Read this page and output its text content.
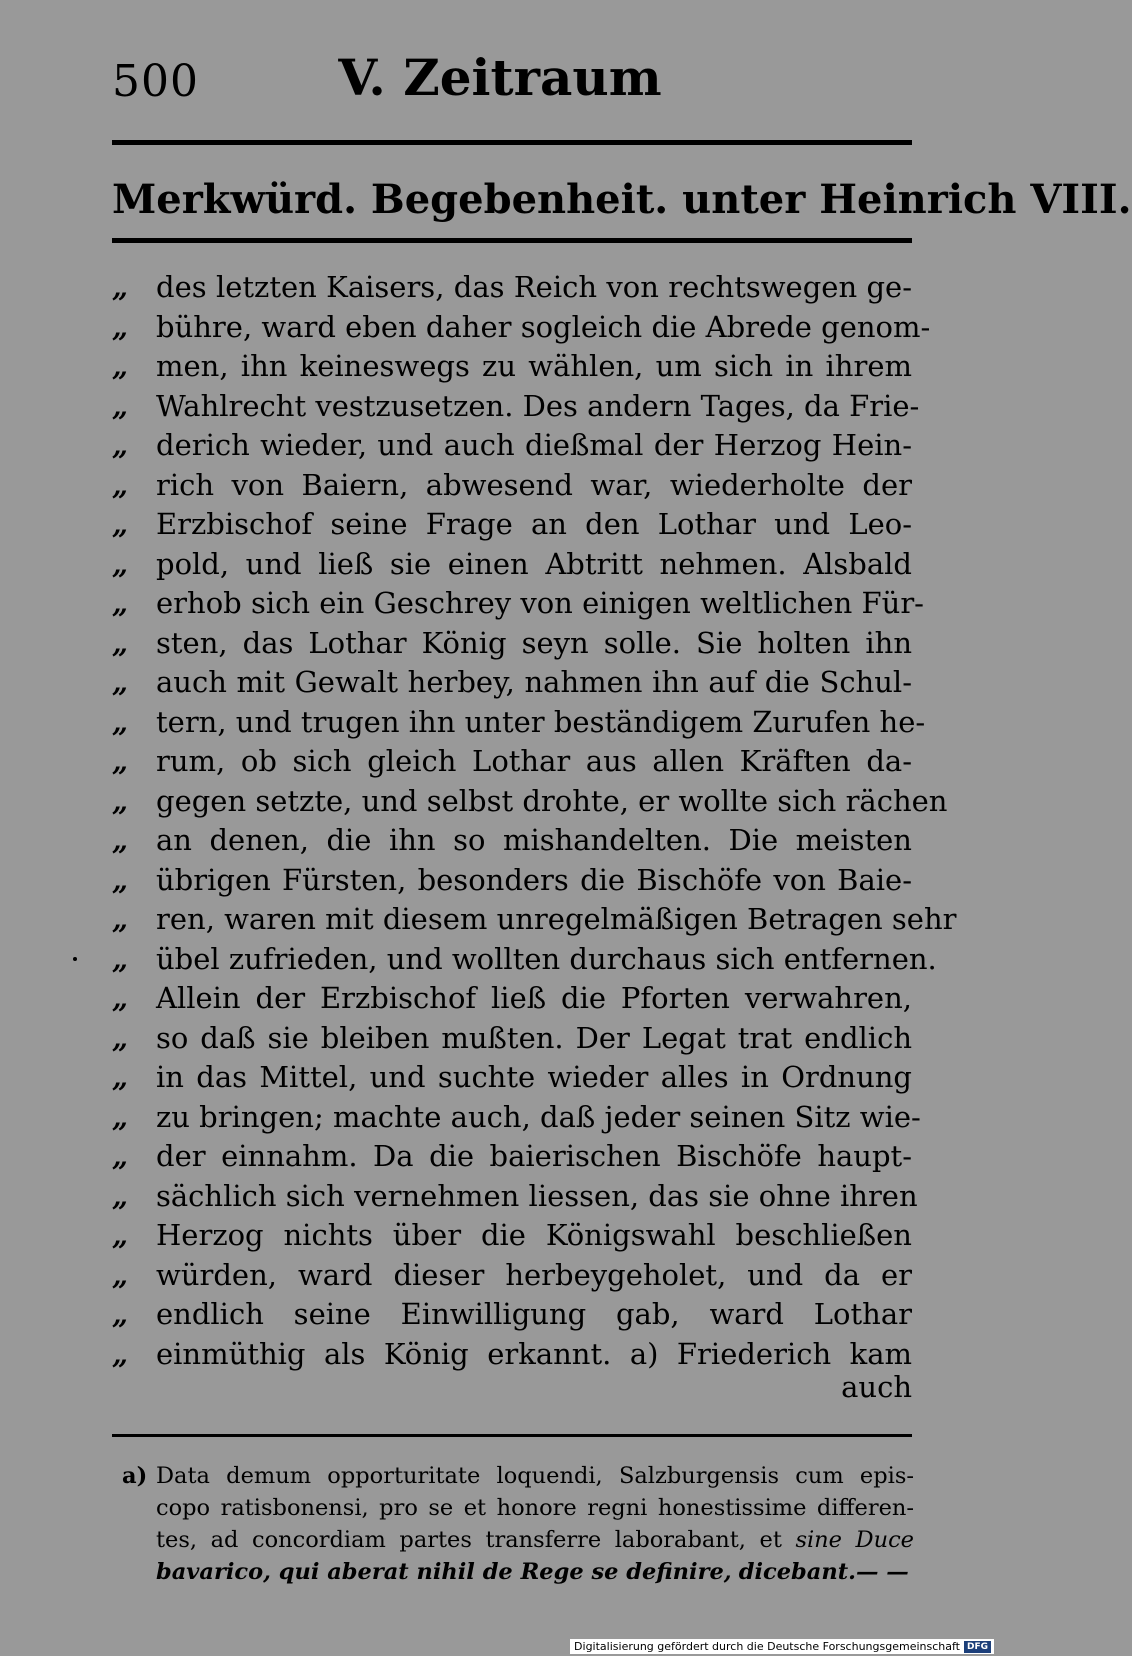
500	V. Zeitraum
Merkwürd. Begebenheit. unter Heinrich VIII.
„ des letzten Kaisers, das Reich von rechtswegen ge-
„ bühre, ward eben daher sogleich die Abrede genom-
„ men, ihn keineswegs zu wählen, um sich in ihrem
„ Wahlrecht vestzusetzen. Des andern Tages, da Frie-
„ derich wieder, und auch dießmal der Herzog Hein-
„ rich von Baiern, abwesend war, wiederholte der
„ Erzbischof seine Frage an den Lothar und Leo-
„ pold, und ließ sie einen Abtritt nehmen. Alsbald
„ erhob sich ein Geschrey von einigen weltlichen Für-
„ sten, das Lothar König seyn solle. Sie holten ihn
„ auch mit Gewalt herbey, nahmen ihn auf die Schul-
„ tern, und trugen ihn unter beständigem Zurufen he-
„ rum, ob sich gleich Lothar aus allen Kräften da-
„ gegen setzte, und selbst drohte, er wollte sich rächen
„ an denen, die ihn so mishandelten. Die meisten
„ übrigen Fürsten, besonders die Bischöfe von Baie-
„ ren, waren mit diesem unregelmäßigen Betragen sehr
„ übel zufrieden, und wollten durchaus sich entfernen.
„ Allein der Erzbischof ließ die Pforten verwahren,
„ so daß sie bleiben mußten. Der Legat trat endlich
„ in das Mittel, und suchte wieder alles in Ordnung
„ zu bringen; machte auch, daß jeder seinen Sitz wie-
„ der einnahm. Da die baierischen Bischöfe haupt-
„ sächlich sich vernehmen liessen, das sie ohne ihren
„ Herzog nichts über die Königswahl beschließen
„ würden, ward dieser herbeygeholet, und da er
„ endlich seine Einwilligung gab, ward Lothar
„ einmüthig als König erkannt. a) Friederich kam
auch
a) Data demum opporturitate loquendi, Salzburgensis cum epis-
copo ratisbonensi, pro se et honore regni honestissime differen-
tes, ad concordiam partes transferre laborabant, et sine Duce
bavarico, qui aberat nihil de Rege se definire, dicebant.— —
Digitalisierung gefördert durch die Deutsche Forschungsgemeinschaft DFG
